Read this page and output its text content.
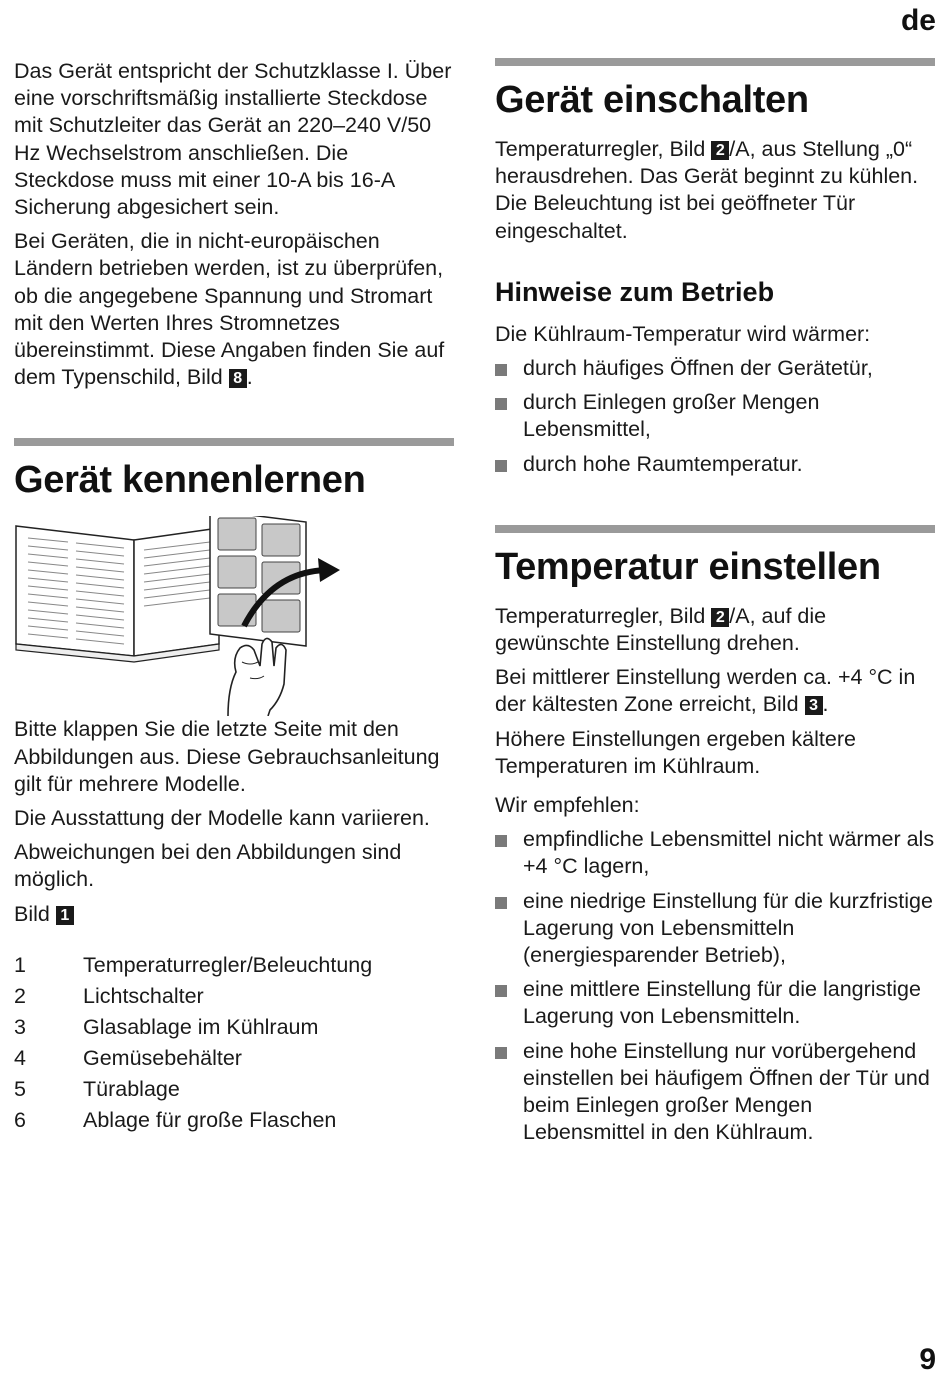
de

Das Gerät entspricht der Schutzklasse I. Über eine vorschriftsmäßig installierte Steckdose mit Schutzleiter das Gerät an 220–240 V/50 Hz Wechselstrom anschließen. Die Steckdose muss mit einer 10-A bis 16-A Sicherung abgesichert sein.

Bei Geräten, die in nicht-europäischen Ländern betrieben werden, ist zu überprüfen, ob die angegebene Spannung und Stromart mit den Werten Ihres Stromnetzes übereinstimmt. Diese Angaben finden Sie auf dem Typenschild, Bild 8 .

Gerät kennenlernen

Bitte klappen Sie die letzte Seite mit den Abbildungen aus. Diese Gebrauchsanleitung gilt für mehrere Modelle.

Die Ausstattung der Modelle kann variieren.

Abweichungen bei den Abbildungen sind möglich.

Bild 1

1	Temperaturregler/Beleuchtung
2	Lichtschalter
3	Glasablage im Kühlraum
4	Gemüsebehälter
5	Türablage
6	Ablage für große Flaschen
Gerät einschalten

Temperaturregler, Bild 2 /A, aus Stellung „0“ herausdrehen. Das Gerät beginnt zu kühlen. Die Beleuchtung ist bei geöffneter Tür eingeschaltet.

Hinweise zum Betrieb

Die Kühlraum-Temperatur wird wärmer:

durch häufiges Öffnen der Gerätetür,
durch Einlegen großer Mengen Lebensmittel,
durch hohe Raumtemperatur.
Temperatur einstellen

Temperaturregler, Bild 2 /A, auf die gewünschte Einstellung drehen.

Bei mittlerer Einstellung werden ca. +4 °C in der kältesten Zone erreicht, Bild 3 .

Höhere Einstellungen ergeben kältere Temperaturen im Kühlraum.

Wir empfehlen:

empfindliche Lebensmittel nicht wärmer als +4 °C lagern,
eine niedrige Einstellung für die kurzfristige Lagerung von Lebensmitteln (energiesparender Betrieb),
eine mittlere Einstellung für die langristige Lagerung von Lebensmitteln.
eine hohe Einstellung nur vorübergehend einstellen bei häufigem Öffnen der Tür und beim Einlegen großer Mengen Lebensmittel in den Kühlraum.
9
